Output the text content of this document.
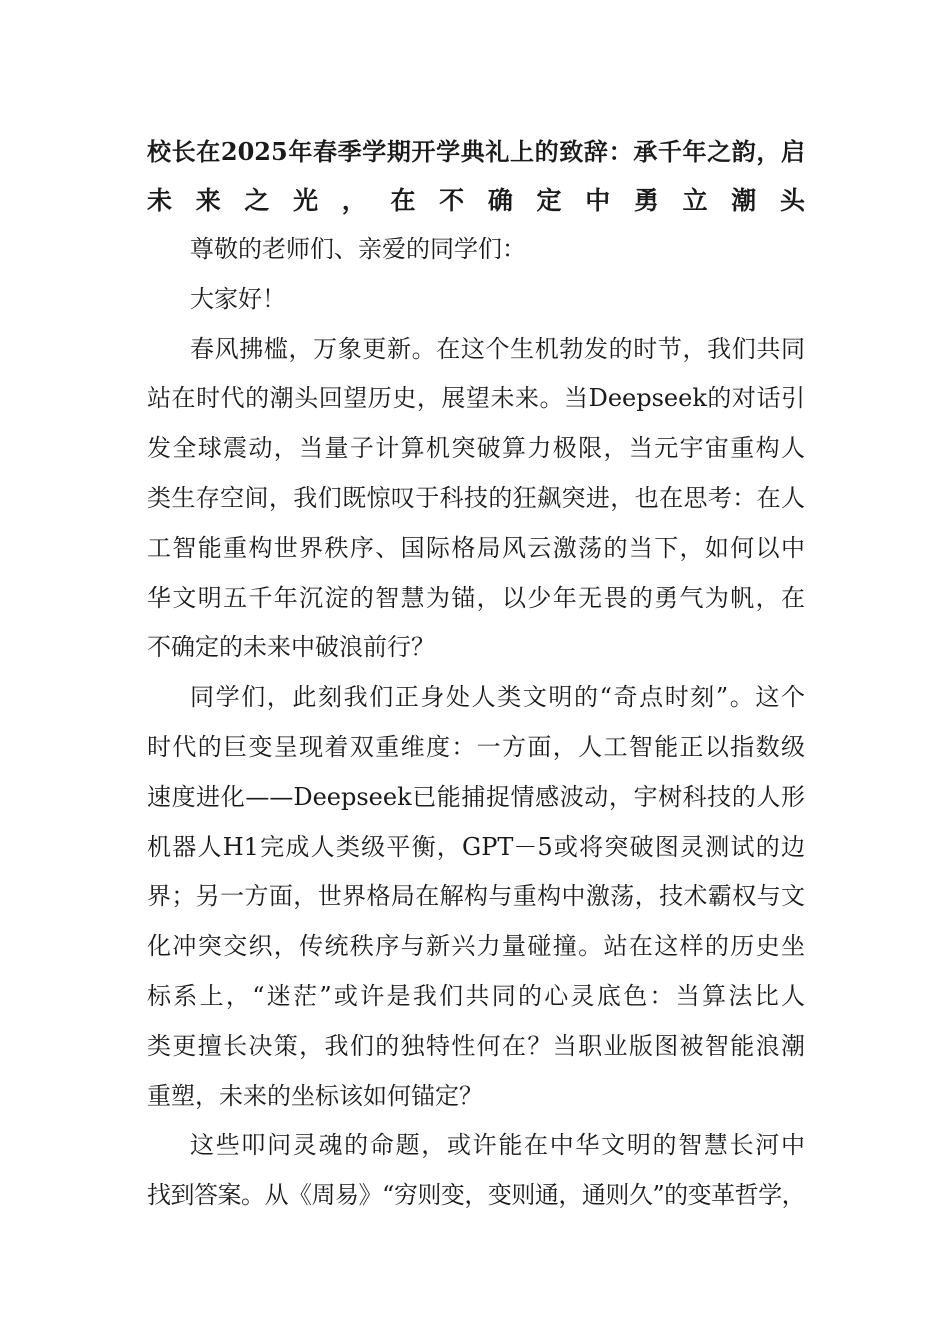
校长在2025年春季学期开学典礼上的致辞：承千年之韵，启
未来之光，在不确定中勇立潮头
尊敬的老师们、亲爱的同学们：
大家好！
春风拂槛，万象更新。在这个生机勃发的时节，我们共同
站在时代的潮头回望历史，展望未来。当Deepseek的对话引
发全球震动，当量子计算机突破算力极限，当元宇宙重构人
类生存空间，我们既惊叹于科技的狂飙突进，也在思考：在人
工智能重构世界秩序、国际格局风云激荡的当下，如何以中
华文明五千年沉淀的智慧为锚，以少年无畏的勇气为帆，在
不确定的未来中破浪前行？
同学们，此刻我们正身处人类文明的“奇点时刻”。这个
时代的巨变呈现着双重维度：一方面，人工智能正以指数级
速度进化——Deepseek已能捕捉情感波动，宇树科技的人形
机器人H1完成人类级平衡，GPT－5或将突破图灵测试的边
界；另一方面，世界格局在解构与重构中激荡，技术霸权与文
化冲突交织，传统秩序与新兴力量碰撞。站在这样的历史坐
标系上，“迷茫”或许是我们共同的心灵底色：当算法比人
类更擅长决策，我们的独特性何在？当职业版图被智能浪潮
重塑，未来的坐标该如何锚定？
这些叩问灵魂的命题，或许能在中华文明的智慧长河中
找到答案。从《周易》“穷则变，变则通，通则久”的变革哲学，
